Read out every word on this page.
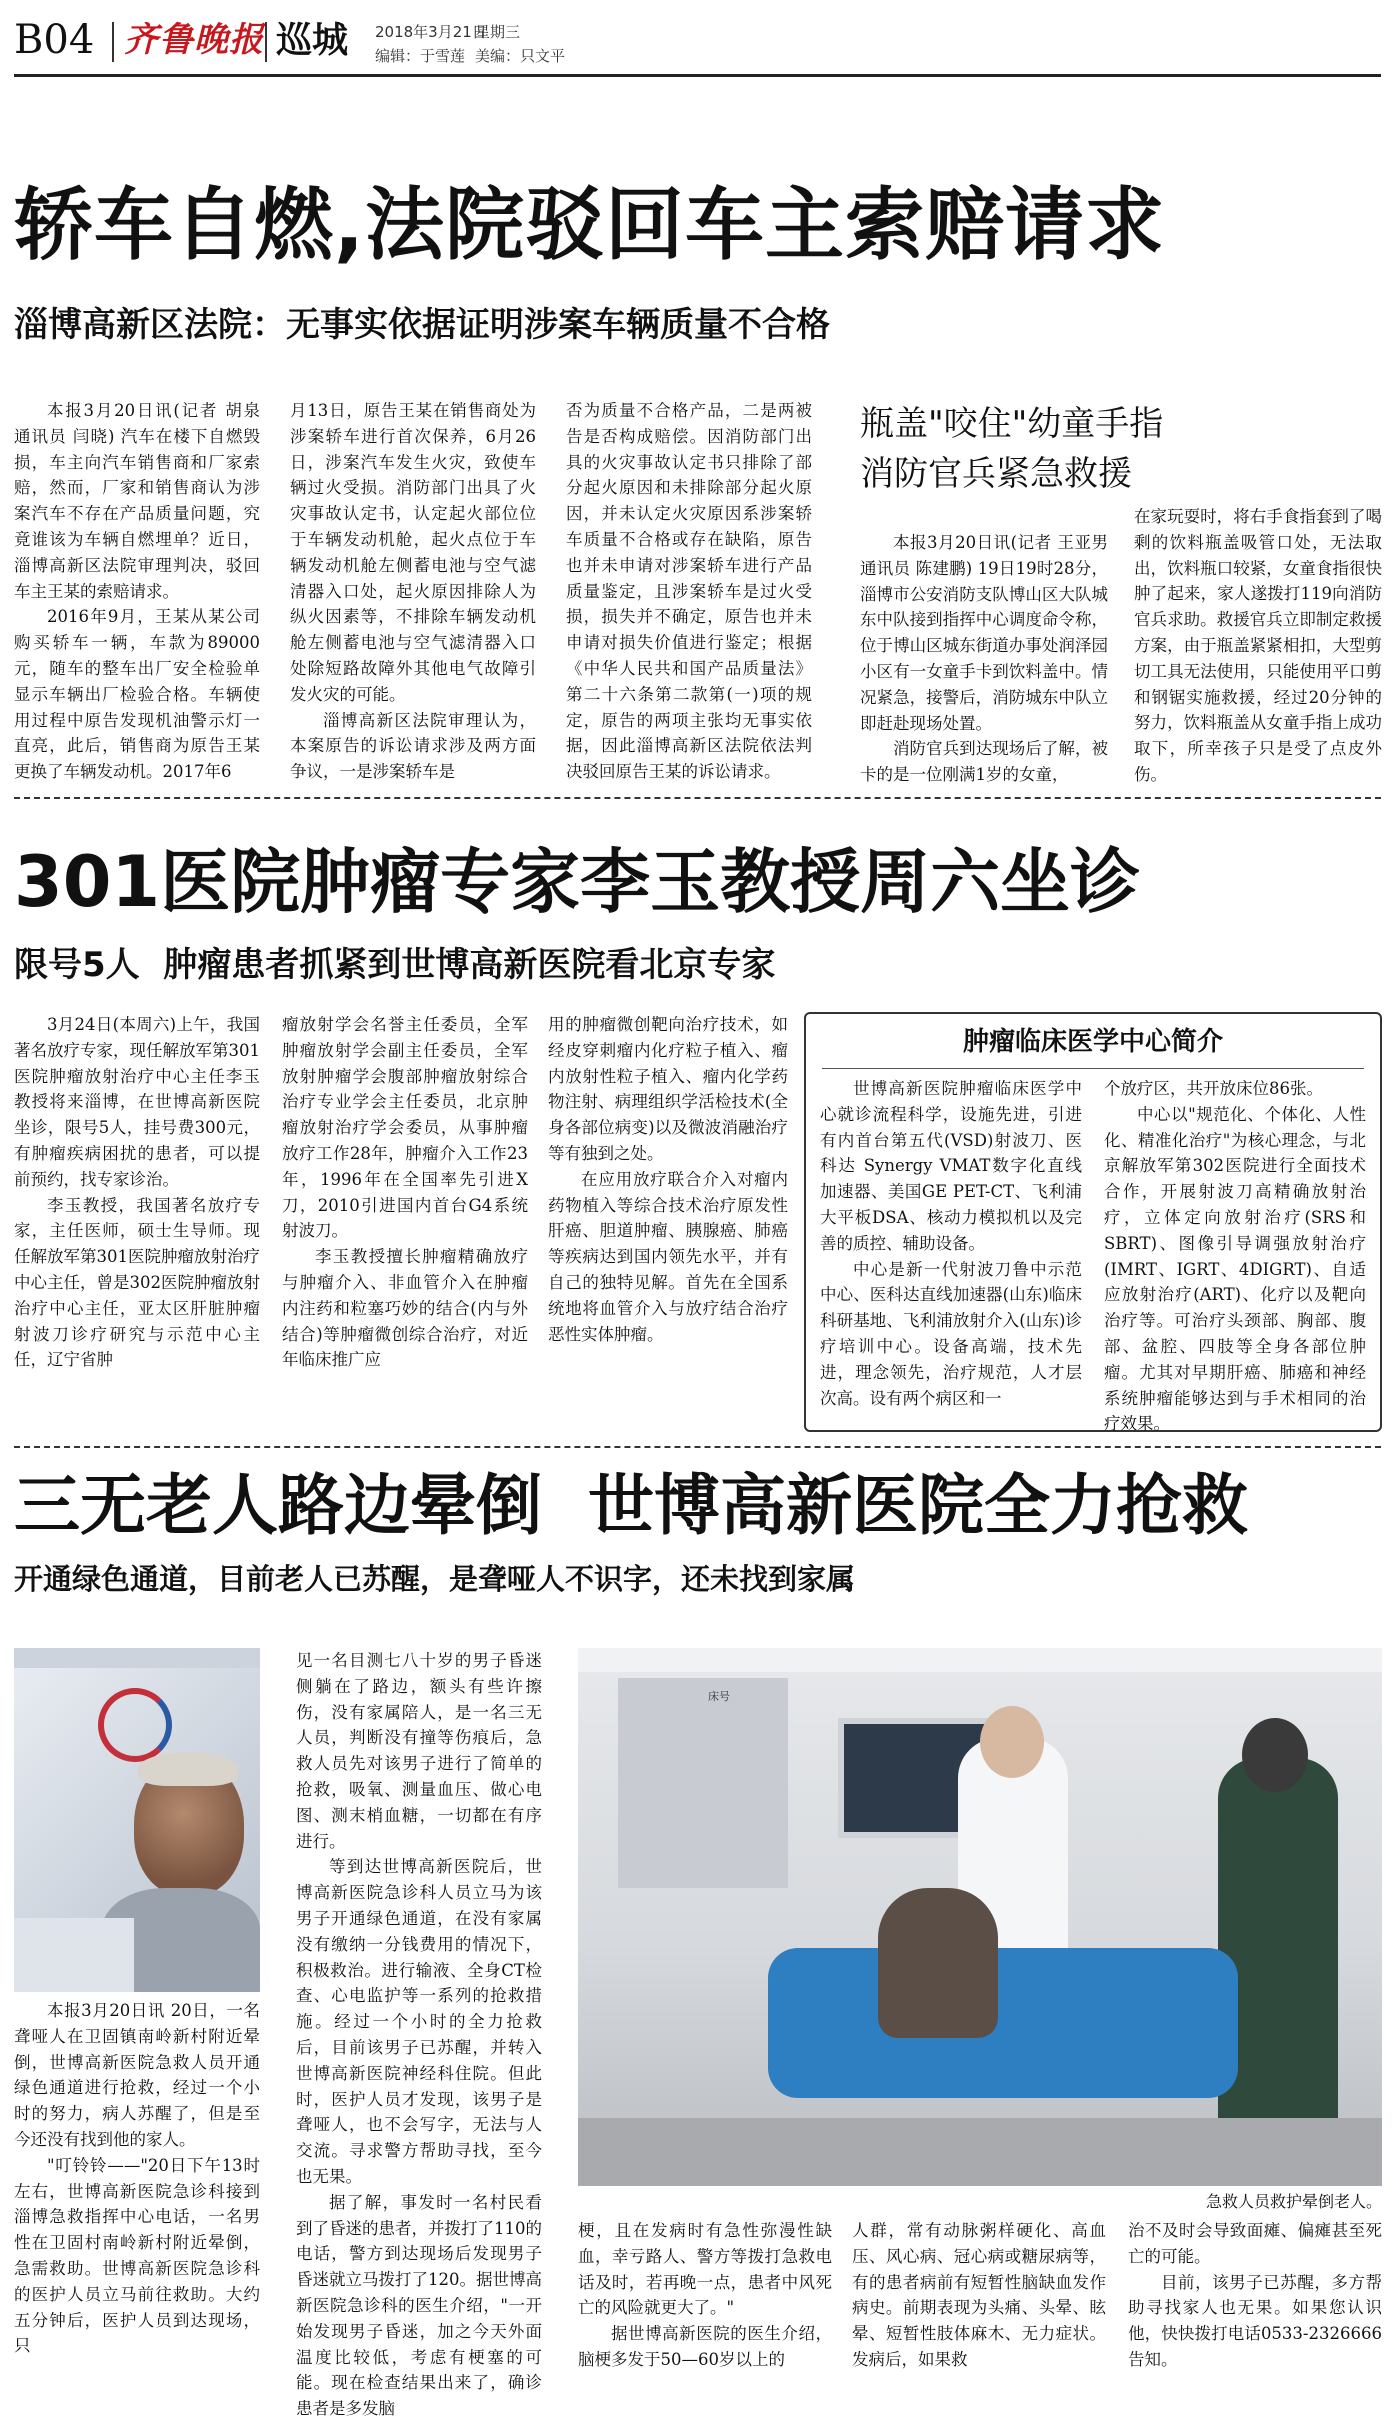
B04 齐鲁晚报 巡城 2018年3月21日
星期三
编辑：于雪莲 美编：只文平
轿车自燃,法院驳回车主索赔请求
淄博高新区法院：无事实依据证明涉案车辆质量不合格

本报3月20日讯(记者 胡泉 通讯员 闫晓) 汽车在楼下自燃毁损，车主向汽车销售商和厂家索赔，然而，厂家和销售商认为涉案汽车不存在产品质量问题，究竟谁该为车辆自燃埋单？近日，淄博高新区法院审理判决，驳回车主王某的索赔请求。

2016年9月，王某从某公司购买轿车一辆，车款为89000元，随车的整车出厂安全检验单显示车辆出厂检验合格。车辆使用过程中原告发现机油警示灯一直亮，此后，销售商为原告王某更换了车辆发动机。2017年6

月13日，原告王某在销售商处为涉案轿车进行首次保养，6月26日，涉案汽车发生火灾，致使车辆过火受损。消防部门出具了火灾事故认定书，认定起火部位位于车辆发动机舱，起火点位于车辆发动机舱左侧蓄电池与空气滤清器入口处，起火原因排除人为纵火因素等，不排除车辆发动机舱左侧蓄电池与空气滤清器入口处除短路故障外其他电气故障引发火灾的可能。

淄博高新区法院审理认为，本案原告的诉讼请求涉及两方面争议，一是涉案轿车是

否为质量不合格产品，二是两被告是否构成赔偿。因消防部门出具的火灾事故认定书只排除了部分起火原因和未排除部分起火原因，并未认定火灾原因系涉案轿车质量不合格或存在缺陷，原告也并未申请对涉案轿车进行产品质量鉴定，且涉案轿车是过火受损，损失并不确定，原告也并未申请对损失价值进行鉴定；根据《中华人民共和国产品质量法》第二十六条第二款第(一)项的规定，原告的两项主张均无事实依据，因此淄博高新区法院依法判决驳回原告王某的诉讼请求。

瓶盖"咬住"幼童手指
消防官兵紧急救援

本报3月20日讯(记者 王亚男 通讯员 陈建鹏) 19日19时28分，淄博市公安消防支队博山区大队城东中队接到指挥中心调度命令称，位于博山区城东街道办事处润泽园小区有一女童手卡到饮料盖中。情况紧急，接警后，消防城东中队立即赶赴现场处置。

消防官兵到达现场后了解，被卡的是一位刚满1岁的女童，

在家玩耍时，将右手食指套到了喝剩的饮料瓶盖吸管口处，无法取出，饮料瓶口较紧，女童食指很快肿了起来，家人遂拨打119向消防官兵求助。救援官兵立即制定救援方案，由于瓶盖紧紧相扣，大型剪切工具无法使用，只能使用平口剪和钢锯实施救援，经过20分钟的努力，饮料瓶盖从女童手指上成功取下，所幸孩子只是受了点皮外伤。

301医院肿瘤专家李玉教授周六坐诊
限号5人  肿瘤患者抓紧到世博高新医院看北京专家

3月24日(本周六)上午，我国著名放疗专家，现任解放军第301医院肿瘤放射治疗中心主任李玉教授将来淄博，在世博高新医院坐诊，限号5人，挂号费300元，有肿瘤疾病困扰的患者，可以提前预约，找专家诊治。

李玉教授，我国著名放疗专家，主任医师，硕士生导师。现任解放军第301医院肿瘤放射治疗中心主任，曾是302医院肿瘤放射治疗中心主任，亚太区肝脏肿瘤射波刀诊疗研究与示范中心主任，辽宁省肿

瘤放射学会名誉主任委员，全军肿瘤放射学会副主任委员，全军放射肿瘤学会腹部肿瘤放射综合治疗专业学会主任委员，北京肿瘤放射治疗学会委员，从事肿瘤放疗工作28年，肿瘤介入工作23年，1996年在全国率先引进X刀，2010引进国内首台G4系统射波刀。

李玉教授擅长肿瘤精确放疗与肿瘤介入、非血管介入在肿瘤内注药和粒塞巧妙的结合(内与外结合)等肿瘤微创综合治疗，对近年临床推广应

用的肿瘤微创靶向治疗技术，如经皮穿刺瘤内化疗粒子植入、瘤内放射性粒子植入、瘤内化学药物注射、病理组织学活检技术(全身各部位病变)以及微波消融治疗等有独到之处。

在应用放疗联合介入对瘤内药物植入等综合技术治疗原发性肝癌、胆道肿瘤、胰腺癌、肺癌等疾病达到国内领先水平，并有自己的独特见解。首先在全国系统地将血管介入与放疗结合治疗恶性实体肿瘤。

肿瘤临床医学中心简介

世博高新医院肿瘤临床医学中心就诊流程科学，设施先进，引进有内首台第五代(VSD)射波刀、医科达 Synergy VMAT数字化直线加速器、美国GE PET-CT、飞利浦大平板DSA、核动力模拟机以及完善的质控、辅助设备。

中心是新一代射波刀鲁中示范中心、医科达直线加速器(山东)临床科研基地、飞利浦放射介入(山东)诊疗培训中心。设备高端，技术先进，理念领先，治疗规范，人才层次高。设有两个病区和一

个放疗区，共开放床位86张。

中心以"规范化、个体化、人性化、精准化治疗"为核心理念，与北京解放军第302医院进行全面技术合作，开展射波刀高精确放射治疗，立体定向放射治疗(SRS和SBRT)、图像引导调强放射治疗(IMRT、IGRT、4DIGRT)、自适应放射治疗(ART)、化疗以及靶向治疗等。可治疗头颈部、胸部、腹部、盆腔、四肢等全身各部位肿瘤。尤其对早期肝癌、肺癌和神经系统肿瘤能够达到与手术相同的治疗效果。

三无老人路边晕倒  世博高新医院全力抢救
开通绿色通道，目前老人已苏醒，是聋哑人不识字，还未找到家属
床号
急救人员救护晕倒老人。

本报3月20日讯 20日，一名聋哑人在卫固镇南岭新村附近晕倒，世博高新医院急救人员开通绿色通道进行抢救，经过一个小时的努力，病人苏醒了，但是至今还没有找到他的家人。

"叮铃铃——"20日下午13时左右，世博高新医院急诊科接到淄博急救指挥中心电话，一名男性在卫固村南岭新村附近晕倒，急需救助。世博高新医院急诊科的医护人员立马前往救助。大约五分钟后，医护人员到达现场，只

见一名目测七八十岁的男子昏迷侧躺在了路边，额头有些许擦伤，没有家属陪人，是一名三无人员，判断没有撞等伤痕后，急救人员先对该男子进行了简单的抢救，吸氧、测量血压、做心电图、测末梢血糖，一切都在有序进行。

等到达世博高新医院后，世博高新医院急诊科人员立马为该男子开通绿色通道，在没有家属没有缴纳一分钱费用的情况下，积极救治。进行输液、全身CT检查、心电监护等一系列的抢救措施。经过一个小时的全力抢救后，目前该男子已苏醒，并转入世博高新医院神经科住院。但此时，医护人员才发现，该男子是聋哑人，也不会写字，无法与人交流。寻求警方帮助寻找，至今也无果。

据了解，事发时一名村民看到了昏迷的患者，并拨打了110的电话，警方到达现场后发现男子昏迷就立马拨打了120。据世博高新医院急诊科的医生介绍，"一开始发现男子昏迷，加之今天外面温度比较低，考虑有梗塞的可能。现在检查结果出来了，确诊患者是多发脑

梗，且在发病时有急性弥漫性缺血，幸亏路人、警方等拨打急救电话及时，若再晚一点，患者中风死亡的风险就更大了。"

据世博高新医院的医生介绍，脑梗多发于50—60岁以上的

人群，常有动脉粥样硬化、高血压、风心病、冠心病或糖尿病等，有的患者病前有短暂性脑缺血发作病史。前期表现为头痛、头晕、眩晕、短暂性肢体麻木、无力症状。发病后，如果救

治不及时会导致面瘫、偏瘫甚至死亡的可能。

目前，该男子已苏醒，多方帮助寻找家人也无果。如果您认识他，快快拨打电话0533-2326666告知。
